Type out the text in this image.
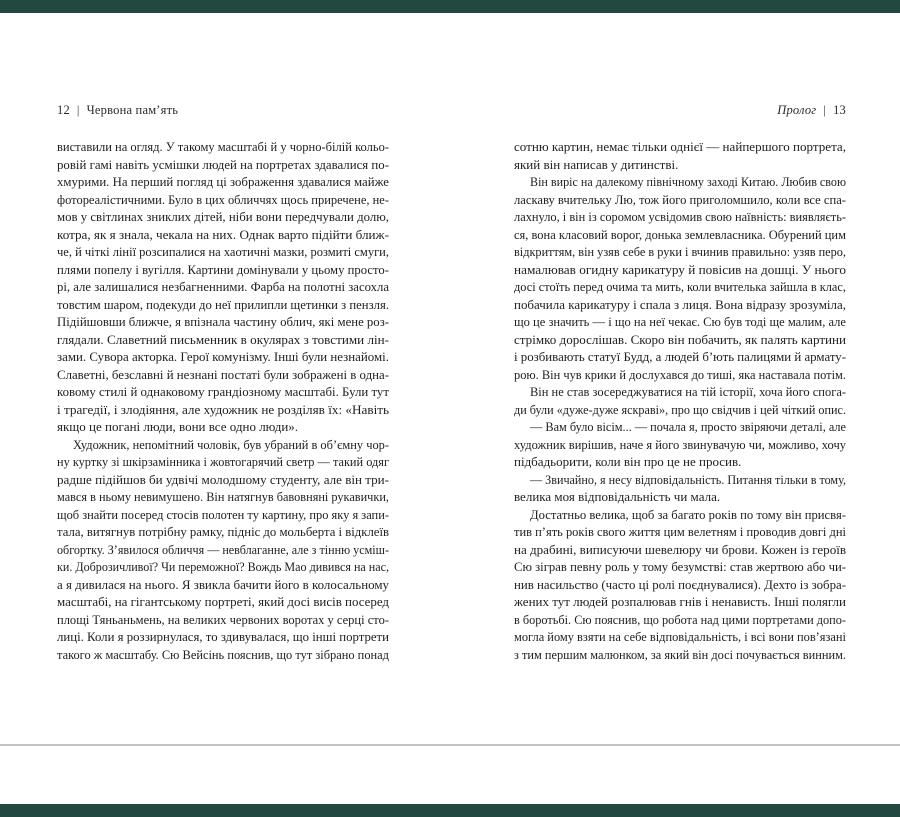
12 | Червона пам’ять	Пролог | 13
виставили на огляд. У такому масштабі й у чорно-білій кольо-
ровій гамі навіть усмішки людей на портретах здавалися по-
хмурими. На перший погляд ці зображення здавалися майже
фотореалістичними. Було в цих обличчях щось приречене, не-
мов у світлинах зниклих дітей, ніби вони передчували долю,
котра, як я знала, чекала на них. Однак варто підійти ближ-
че, й чіткі лінії розсипалися на хаотичні мазки, розмиті смуги,
плями попелу і вугілля. Картини домінували у цьому просто-
рі, але залишалися незбагненними. Фарба на полотні засохла
товстим шаром, подекуди до неї прилипли щетинки з пензля.
Підійшовши ближче, я впізнала частину облич, які мене роз-
глядали. Славетний письменник в окулярах з товстими лін-
зами. Сувора акторка. Герої комунізму. Інші були незнайомі.
Славетні, безславні й незнані постаті були зображені в одна-
ковому стилі й однаковому грандіозному масштабі. Були тут
і трагедії, і злодіяння, але художник не розділяв їх: «Навіть
якщо це погані люди, вони все одно люди».
Художник, непомітний чоловік, був убраний в об’ємну чор-
ну куртку зі шкірзамінника і жовтогарячий светр — такий одяг
радше підійшов би удвічі молодшому студенту, але він три-
мався в ньому невимушено. Він натягнув бавовняні рукавички,
щоб знайти посеред стосів полотен ту картину, про яку я запи-
тала, витягнув потрібну рамку, підніс до мольберта і відклеїв
обгортку. З’явилося обличчя — невблаганне, але з тінню усміш-
ки. Доброзичливої? Чи переможної? Вождь Мао дивився на нас,
а я дивилася на нього. Я звикла бачити його в колосальному
масштабі, на гігантському портреті, який досі висів посеред
площі Тяньаньмень, на великих червоних воротах у серці сто-
лиці. Коли я роззирнулася, то здивувалася, що інші портрети
такого ж масштабу. Сю Вейсінь пояснив, що тут зібрано понад
сотню картин, немає тільки однієї — найпершого портрета,
який він написав у дитинстві.
Він виріс на далекому північному заході Китаю. Любив свою
ласкаву вчительку Лю, тож його приголомшило, коли все спа-
лахнуло, і він із соромом усвідомив свою наївність: виявляєть-
ся, вона класовий ворог, донька землевласника. Обурений цим
відкриттям, він узяв себе в руки і вчинив правильно: узяв перо,
намалював огидну карикатуру й повісив на дошці. У нього
досі стоїть перед очима та мить, коли вчителька зайшла в клас,
побачила карикатуру і спала з лиця. Вона відразу зрозуміла,
що це значить — і що на неї чекає. Сю був тоді ще малим, але
стрімко дорослішав. Скоро він побачить, як палять картини
і розбивають статуї Будд, а людей б’ють палицями й армату-
рою. Він чув крики й дослухався до тиші, яка наставала потім.
Він не став зосереджуватися на тій історії, хоча його спога-
ди були «дуже-дуже яскраві», про що свідчив і цей чіткий опис.
— Вам було вісім... — почала я, просто звіряючи деталі, але
художник вирішив, наче я його звинувачую чи, можливо, хочу
підбадьорити, коли він про це не просив.
— Звичайно, я несу відповідальність. Питання тільки в тому,
велика моя відповідальність чи мала.
Достатньо велика, щоб за багато років по тому він присвя-
тив п’ять років свого життя цим велетням і проводив довгі дні
на драбині, виписуючи шевелюру чи брови. Кожен із героїв
Сю зіграв певну роль у тому безумстві: став жертвою або чи-
нив насильство (часто ці ролі поєднувалися). Дехто із зобра-
жених тут людей розпалював гнів і ненависть. Інші полягли
в боротьбі. Сю пояснив, що робота над цими портретами допо-
могла йому взяти на себе відповідальність, і всі вони пов’язані
з тим першим малюнком, за який він досі почувається винним.
